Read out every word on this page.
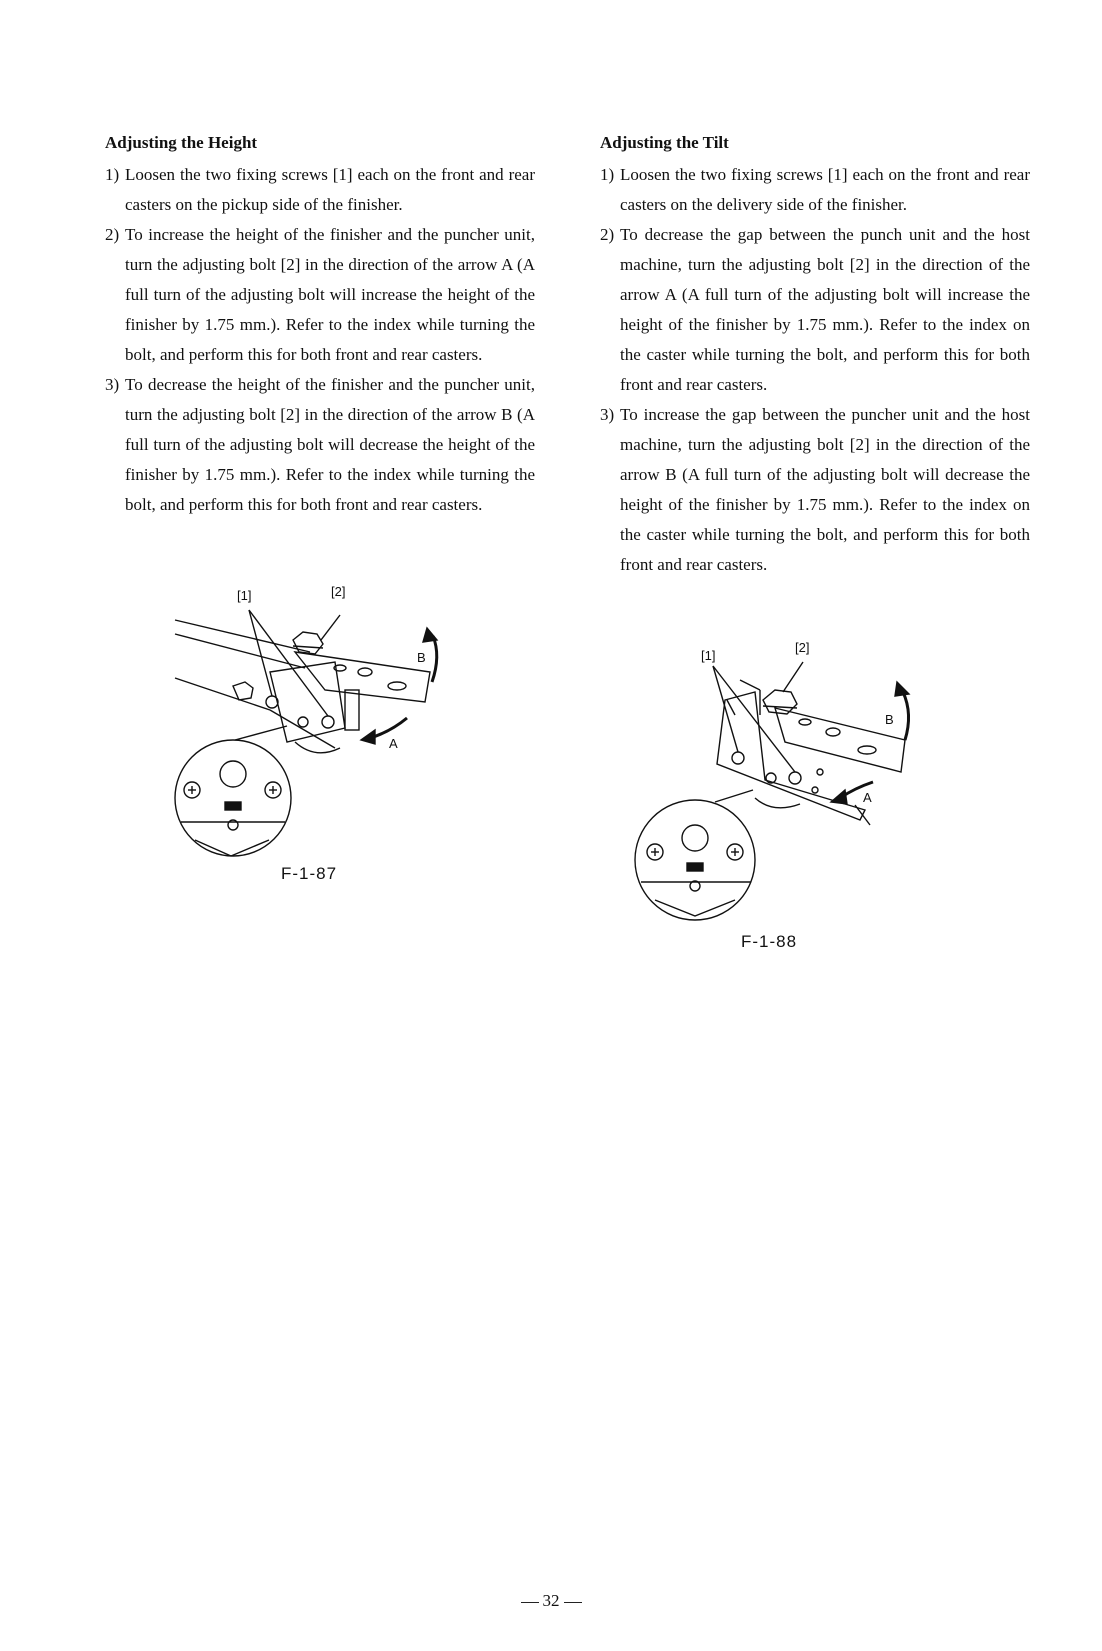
Adjusting the Height
1) Loosen the two fixing screws [1] each on the front and rear casters on the pickup side of the finisher.
2) To increase the height of the finisher and the puncher unit, turn the adjusting bolt [2] in the direction of the arrow A (A full turn of the adjusting bolt will increase the height of the finisher by 1.75 mm.). Refer to the index while turning the bolt, and perform this for both front and rear casters.
3) To decrease the height of the finisher and the puncher unit, turn the adjusting bolt [2] in the direction of the arrow B (A full turn of the adjusting bolt will decrease the height of the finisher by 1.75 mm.). Refer to the index while turning the bolt, and perform this for both front and rear casters.
Adjusting the Tilt
1) Loosen the two fixing screws [1] each on the front and rear casters on the delivery side of the finisher.
2) To decrease the gap between the punch unit and the host machine, turn the adjusting bolt [2] in the direction of the arrow A (A full turn of the adjusting bolt will increase the height of the finisher by 1.75 mm.). Refer to the index on the caster while turning the bolt, and perform this for both front and rear casters.
3) To increase the gap between the puncher unit and the host machine, turn the adjusting bolt [2] in the direction of the arrow B (A full turn of the adjusting bolt will decrease the height of the finisher by 1.75 mm.). Refer to the index on the caster while turning the bolt, and perform this for both front and rear casters.
[1]	[2]
B
A
F-1-87
[1]
[2]
B
A
F-1-88
32
